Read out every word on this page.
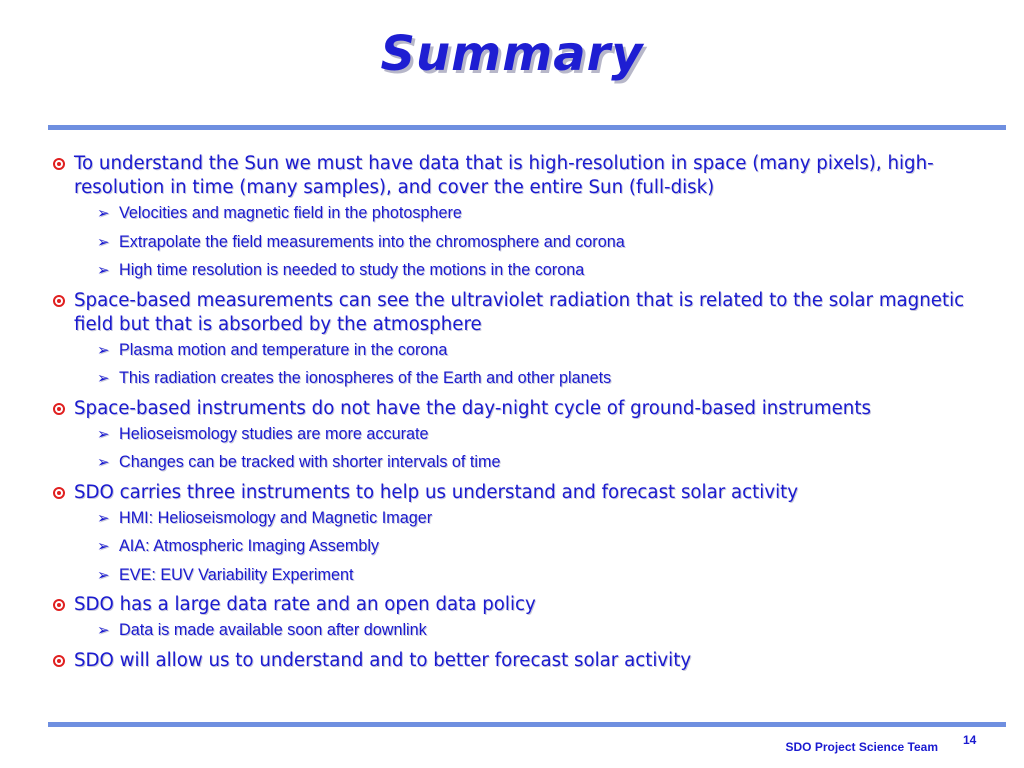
Summary
To understand the Sun we must have data that is high-resolution in space (many pixels), high-resolution in time (many samples), and cover the entire Sun (full-disk)
➢ Velocities and magnetic field in the photosphere
➢ Extrapolate the field measurements into the chromosphere and corona
➢ High time resolution is needed to study the motions in the corona
Space-based measurements can see the ultraviolet radiation that is related to the solar magnetic field but that is absorbed by the atmosphere
➢ Plasma motion and temperature in the corona
➢ This radiation creates the ionospheres of the Earth and other planets
Space-based instruments do not have the day-night cycle of ground-based instruments
➢ Helioseismology studies are more accurate
➢ Changes can be tracked with shorter intervals of time
SDO carries three instruments to help us understand and forecast solar activity
➢ HMI: Helioseismology and Magnetic Imager
➢ AIA: Atmospheric Imaging Assembly
➢ EVE: EUV Variability Experiment
SDO has a large data rate and an open data policy
➢ Data is made available soon after downlink
SDO will allow us to understand and to better forecast solar activity
SDO Project Science Team 14
